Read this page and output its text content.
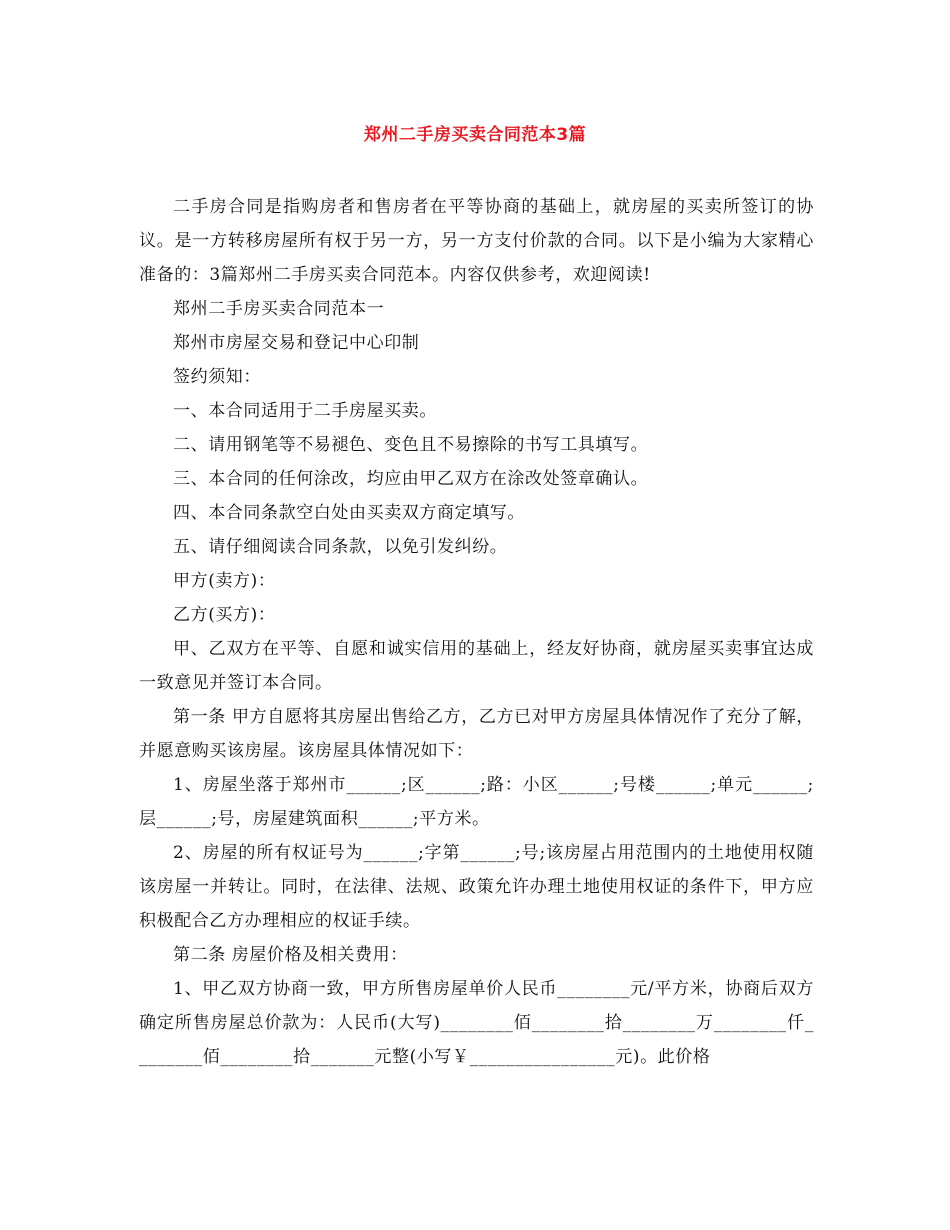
郑州二手房买卖合同范本3篇

二手房合同是指购房者和售房者在平等协商的基础上，就房屋的买卖所签订的协议。是一方转移房屋所有权于另一方，另一方支付价款的合同。以下是小编为大家精心准备的：3篇郑州二手房买卖合同范本。内容仅供参考，欢迎阅读!

郑州二手房买卖合同范本一

郑州市房屋交易和登记中心印制

签约须知：

一、本合同适用于二手房屋买卖。

二、请用钢笔等不易褪色、变色且不易擦除的书写工具填写。

三、本合同的任何涂改，均应由甲乙双方在涂改处签章确认。

四、本合同条款空白处由买卖双方商定填写。

五、请仔细阅读合同条款，以免引发纠纷。

甲方(卖方)：

乙方(买方)：

甲、乙双方在平等、自愿和诚实信用的基础上，经友好协商，就房屋买卖事宜达成一致意见并签订本合同。

第一条 甲方自愿将其房屋出售给乙方，乙方已对甲方房屋具体情况作了充分了解，并愿意购买该房屋。该房屋具体情况如下：

1、房屋坐落于郑州市______;区______;路：小区______;号楼______;单元______;层______;号，房屋建筑面积______;平方米。

2、房屋的所有权证号为______;字第______;号;该房屋占用范围内的土地使用权随该房屋一并转让。同时，在法律、法规、政策允许办理土地使用权证的条件下，甲方应积极配合乙方办理相应的权证手续。

第二条 房屋价格及相关费用：

1、甲乙双方协商一致，甲方所售房屋单价人民币________元/平方米，协商后双方确定所售房屋总价款为：人民币(大写)________佰________拾________万________仟________佰________拾_______元整(小写￥________________元)。此价格
